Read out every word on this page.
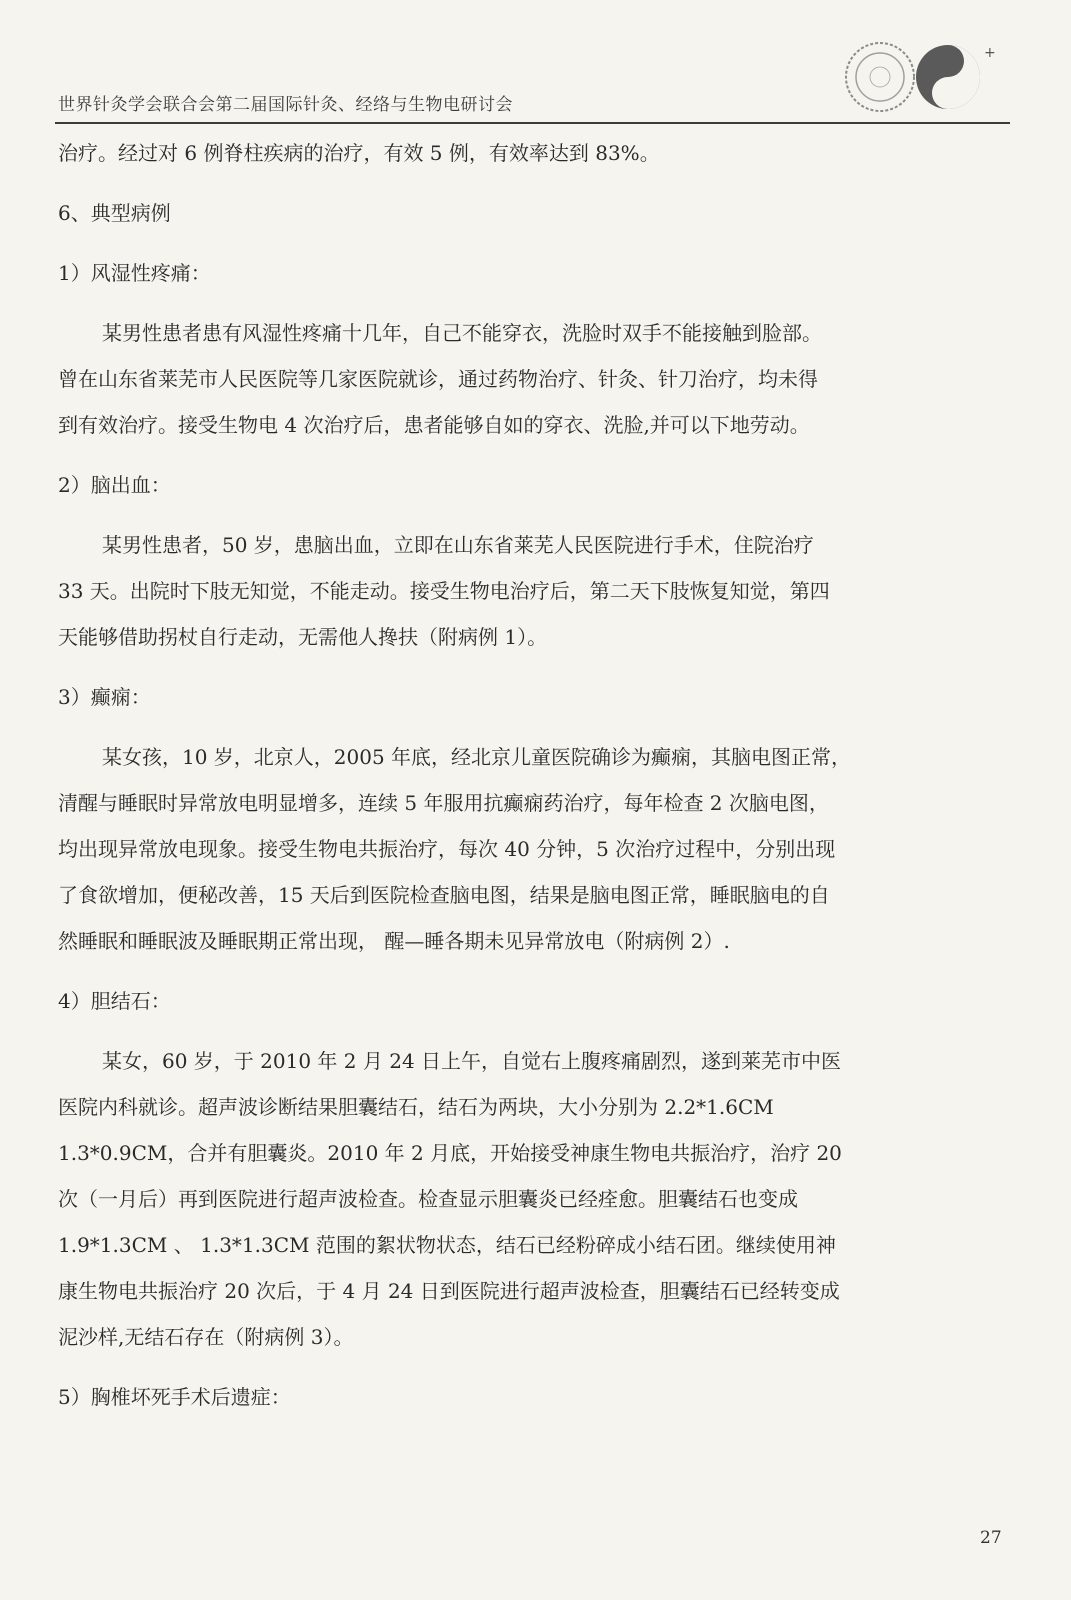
世界针灸学会联合会第二届国际针灸、经络与生物电研讨会
+
治疗。经过对 6 例脊柱疾病的治疗，有效 5 例，有效率达到 83%。
6、典型病例
1）风湿性疼痛：
某男性患者患有风湿性疼痛十几年，自己不能穿衣，洗脸时双手不能接触到脸部。
曾在山东省莱芜市人民医院等几家医院就诊，通过药物治疗、针灸、针刀治疗，均未得
到有效治疗。接受生物电 4 次治疗后，患者能够自如的穿衣、洗脸,并可以下地劳动。
2）脑出血：
某男性患者，50 岁，患脑出血，立即在山东省莱芜人民医院进行手术，住院治疗
33 天。出院时下肢无知觉，不能走动。接受生物电治疗后，第二天下肢恢复知觉，第四
天能够借助拐杖自行走动，无需他人搀扶（附病例 1）。
3）癫痫：
某女孩，10 岁，北京人，2005 年底，经北京儿童医院确诊为癫痫，其脑电图正常，
清醒与睡眠时异常放电明显增多，连续 5 年服用抗癫痫药治疗，每年检查 2 次脑电图，
均出现异常放电现象。接受生物电共振治疗，每次 40 分钟，5 次治疗过程中，分别出现
了食欲增加，便秘改善，15 天后到医院检查脑电图，结果是脑电图正常，睡眠脑电的自
然睡眠和睡眠波及睡眠期正常出现， 醒—睡各期未见异常放电（附病例 2）.
4）胆结石：
某女，60 岁，于 2010 年 2 月 24 日上午，自觉右上腹疼痛剧烈，遂到莱芜市中医
医院内科就诊。超声波诊断结果胆囊结石，结石为两块，大小分别为 2.2*1.6CM
1.3*0.9CM，合并有胆囊炎。2010 年 2 月底，开始接受神康生物电共振治疗，治疗 20
次（一月后）再到医院进行超声波检查。检查显示胆囊炎已经痊愈。胆囊结石也变成
1.9*1.3CM 、 1.3*1.3CM 范围的絮状物状态，结石已经粉碎成小结石团。继续使用神
康生物电共振治疗 20 次后，于 4 月 24 日到医院进行超声波检查，胆囊结石已经转变成
泥沙样,无结石存在（附病例 3）。
5）胸椎坏死手术后遗症：
27
